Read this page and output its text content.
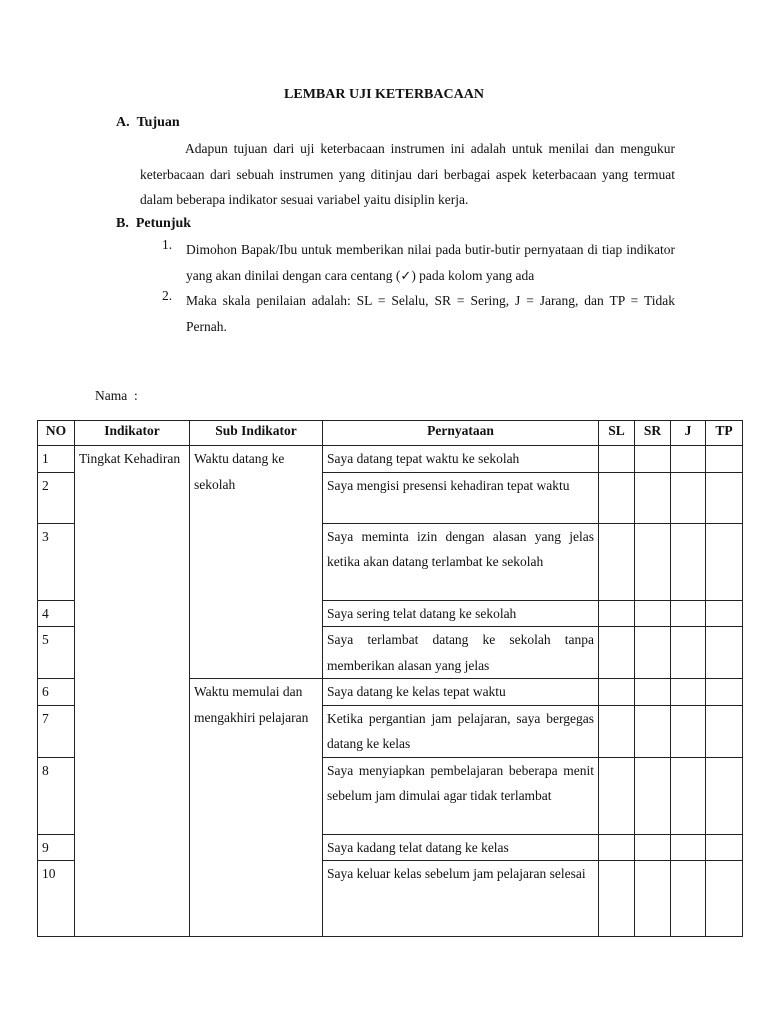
LEMBAR UJI KETERBACAAN
A.  Tujuan
Adapun tujuan dari uji keterbacaan instrumen ini adalah untuk menilai dan mengukur keterbacaan dari sebuah instrumen yang ditinjau dari berbagai aspek keterbacaan yang termuat dalam beberapa indikator sesuai variabel yaitu disiplin kerja.
B.  Petunjuk
1. Dimohon Bapak/Ibu untuk memberikan nilai pada butir-butir pernyataan di tiap indikator yang akan dinilai dengan cara centang (✓) pada kolom yang ada
2. Maka skala penilaian adalah: SL = Selalu, SR = Sering, J = Jarang, dan TP = Tidak Pernah.
Nama  :
NO	Indikator	Sub Indikator	Pernyataan	SL	SR	J	TP
1	Tingkat Kehadiran	Waktu datang ke sekolah	Saya datang tepat waktu ke sekolah				
2			Saya mengisi presensi kehadiran tepat waktu				
3			Saya meminta izin dengan alasan yang jelas ketika akan datang terlambat ke sekolah				
4			Saya sering telat datang ke sekolah				
5			Saya terlambat datang ke sekolah tanpa memberikan alasan yang jelas				
6		Waktu memulai dan mengakhiri pelajaran	Saya datang ke kelas tepat waktu				
7			Ketika pergantian jam pelajaran, saya bergegas datang ke kelas				
8			Saya menyiapkan pembelajaran beberapa menit sebelum jam dimulai agar tidak terlambat				
9			Saya kadang telat datang ke kelas				
10			Saya keluar kelas sebelum jam pelajaran selesai				
